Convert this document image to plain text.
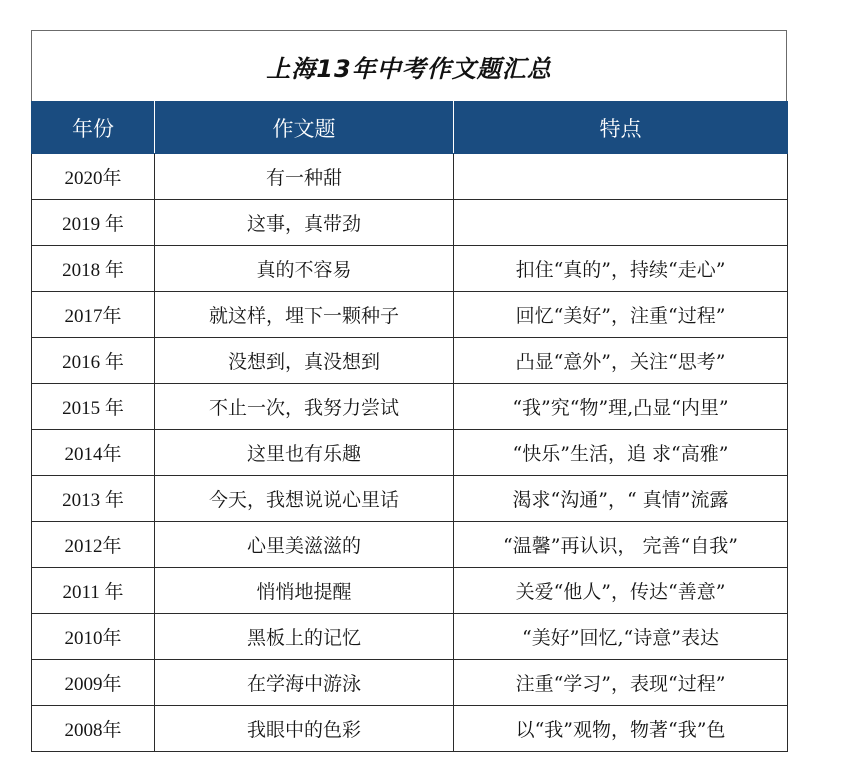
上海13年中考作文题汇总
年份	作文题	特点
2020年	有一种甜	
2019 年	这事，真带劲	
2018 年	真的不容易	扣住“真的”，持续“走心”
2017年	就这样，埋下一颗种子	回忆“美好”，注重“过程”
2016 年	没想到，真没想到	凸显“意外”，关注“思考”
2015 年	不止一次，我努力尝试	“我”究“物”理,凸显“内里”
2014年	这里也有乐趣	“快乐”生活，追 求“高雅”
2013 年	今天，我想说说心里话	渴求“沟通”，“ 真情”流露
2012年	心里美滋滋的	“温馨”再认识， 完善“自我”
2011 年	悄悄地提醒	关爱“他人”，传达“善意”
2010年	黑板上的记忆	“美好”回忆,“诗意”表达
2009年	在学海中游泳	注重“学习”，表现“过程”
2008年	我眼中的色彩	以“我”观物，物著“我”色
